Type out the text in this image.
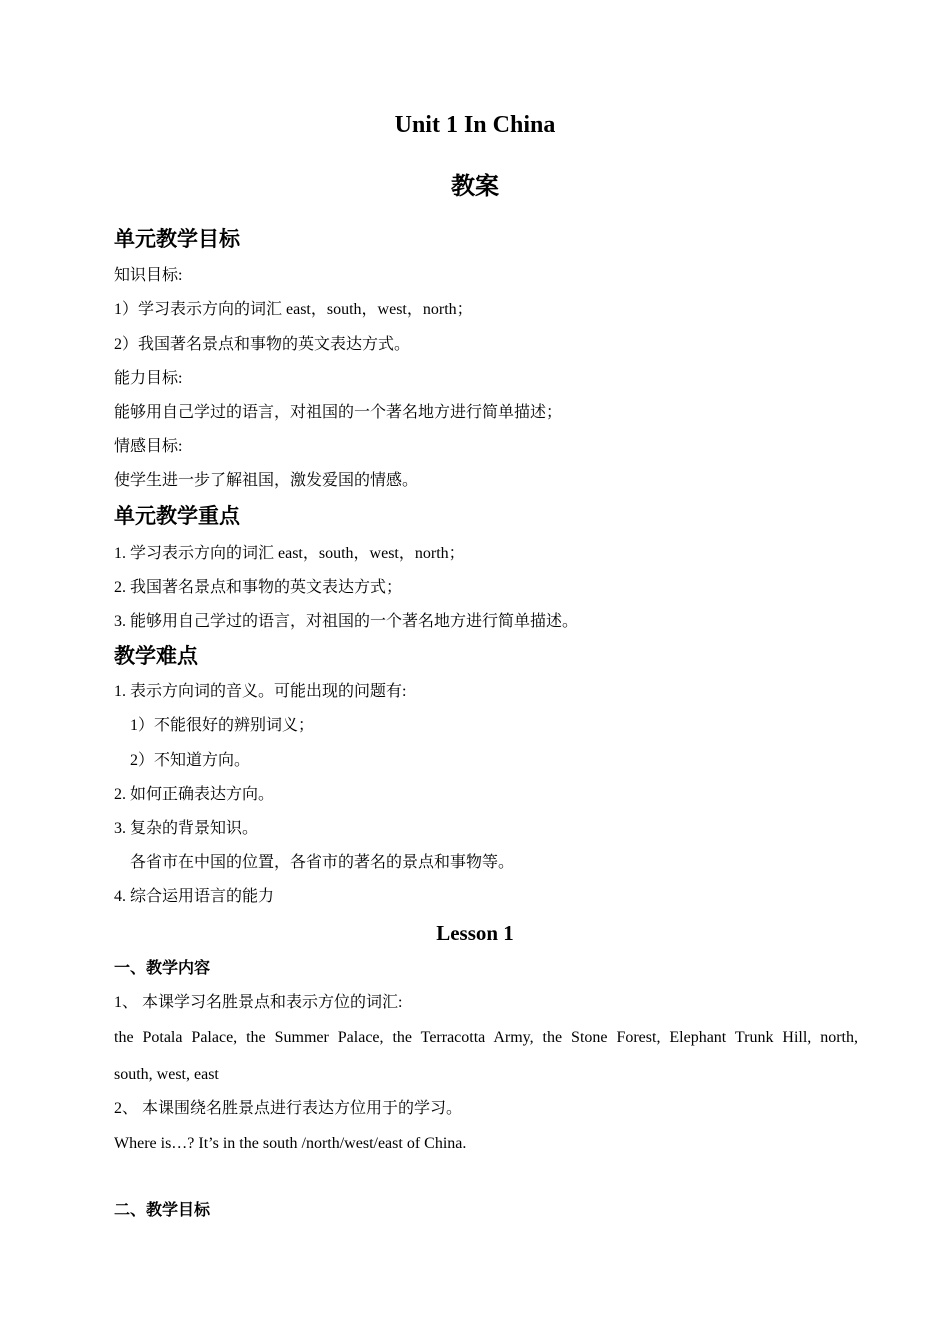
Unit 1 In China
教案
单元教学目标
知识目标:
1）学习表示方向的词汇 east，south，west，north；
2）我国著名景点和事物的英文表达方式。
能力目标:
能够用自己学过的语言，对祖国的一个著名地方进行简单描述；
情感目标:
使学生进一步了解祖国，激发爱国的情感。
单元教学重点
1. 学习表示方向的词汇 east，south，west，north；
2. 我国著名景点和事物的英文表达方式；
3. 能够用自己学过的语言，对祖国的一个著名地方进行简单描述。
教学难点
1. 表示方向词的音义。可能出现的问题有:
1）不能很好的辨别词义；
2）不知道方向。
2. 如何正确表达方向。
3. 复杂的背景知识。
各省市在中国的位置，各省市的著名的景点和事物等。
4. 综合运用语言的能力
Lesson 1
一、教学内容
1、 本课学习名胜景点和表示方位的词汇:
the Potala Palace, the Summer Palace, the Terracotta Army, the Stone Forest, Elephant Trunk Hill, north,
south, west, east
2、 本课围绕名胜景点进行表达方位用于的学习。
Where is…? It’s in the south /north/west/east of China.
二、教学目标
